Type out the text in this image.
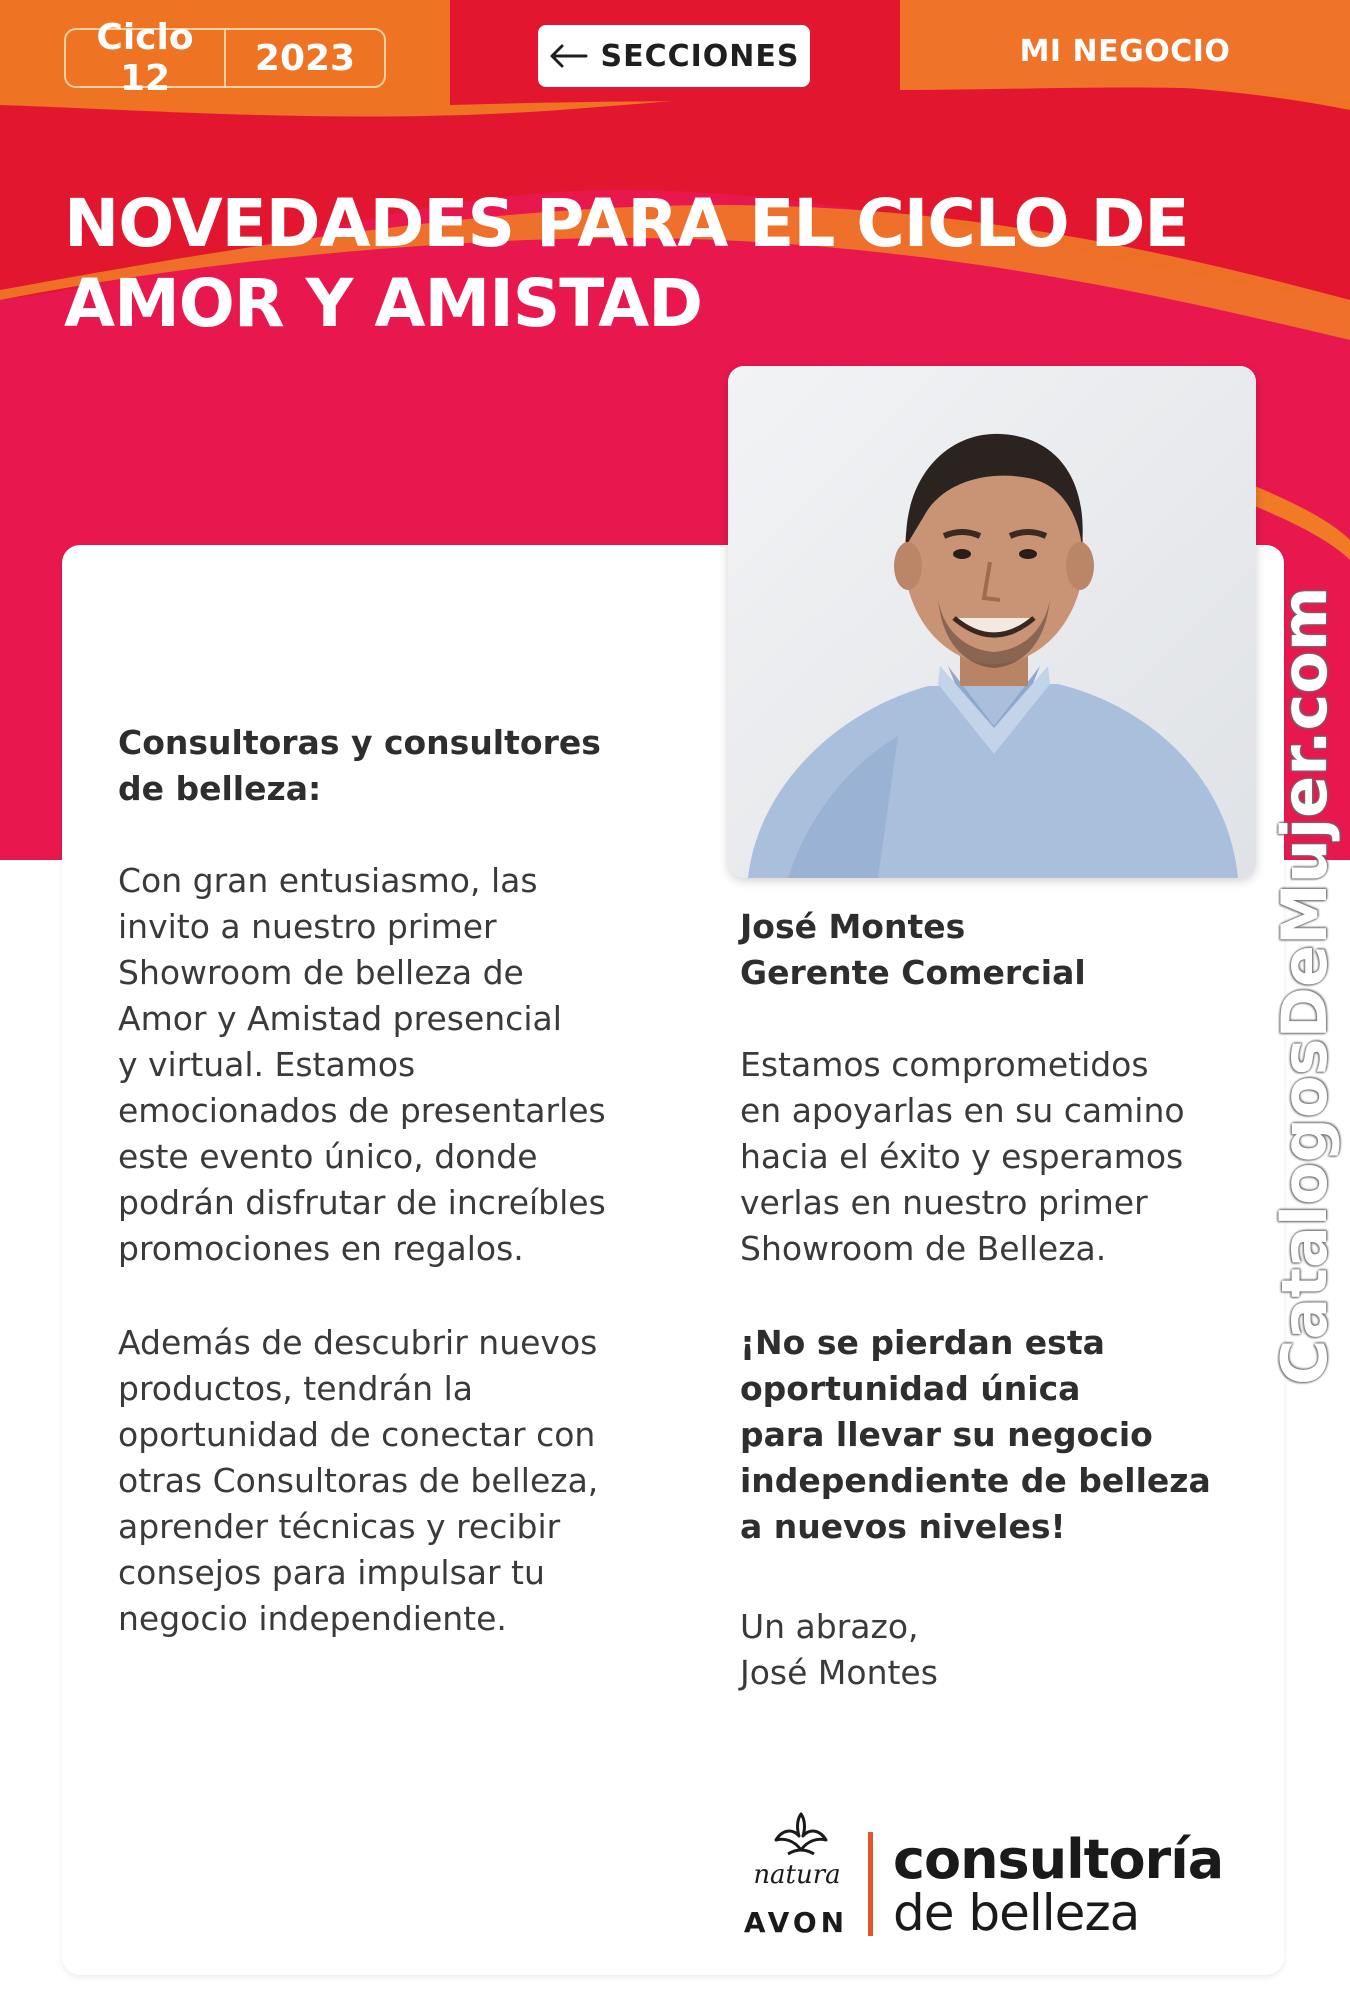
Ciclo 12	2023	SECCIONES	MI NEGOCIO
NOVEDADES PARA EL CICLO DE
AMOR Y AMISTAD
Consultoras y consultores
de belleza:
Con gran entusiasmo, las
invito a nuestro primer
Showroom de belleza de
Amor y Amistad presencial
y virtual. Estamos
emocionados de presentarles
este evento único, donde
podrán disfrutar de increíbles
promociones en regalos.
Además de descubrir nuevos
productos, tendrán la
oportunidad de conectar con
otras Consultoras de belleza,
aprender técnicas y recibir
consejos para impulsar tu
negocio independiente.
José Montes
Gerente Comercial
Estamos comprometidos
en apoyarlas en su camino
hacia el éxito y esperamos
verlas en nuestro primer
Showroom de Belleza.
¡No se pierdan esta
oportunidad única
para llevar su negocio
independiente de belleza
a nuevos niveles!
Un abrazo,
José Montes
CatalogosDeMujer.com
natura
AVON
consultoría
de belleza
